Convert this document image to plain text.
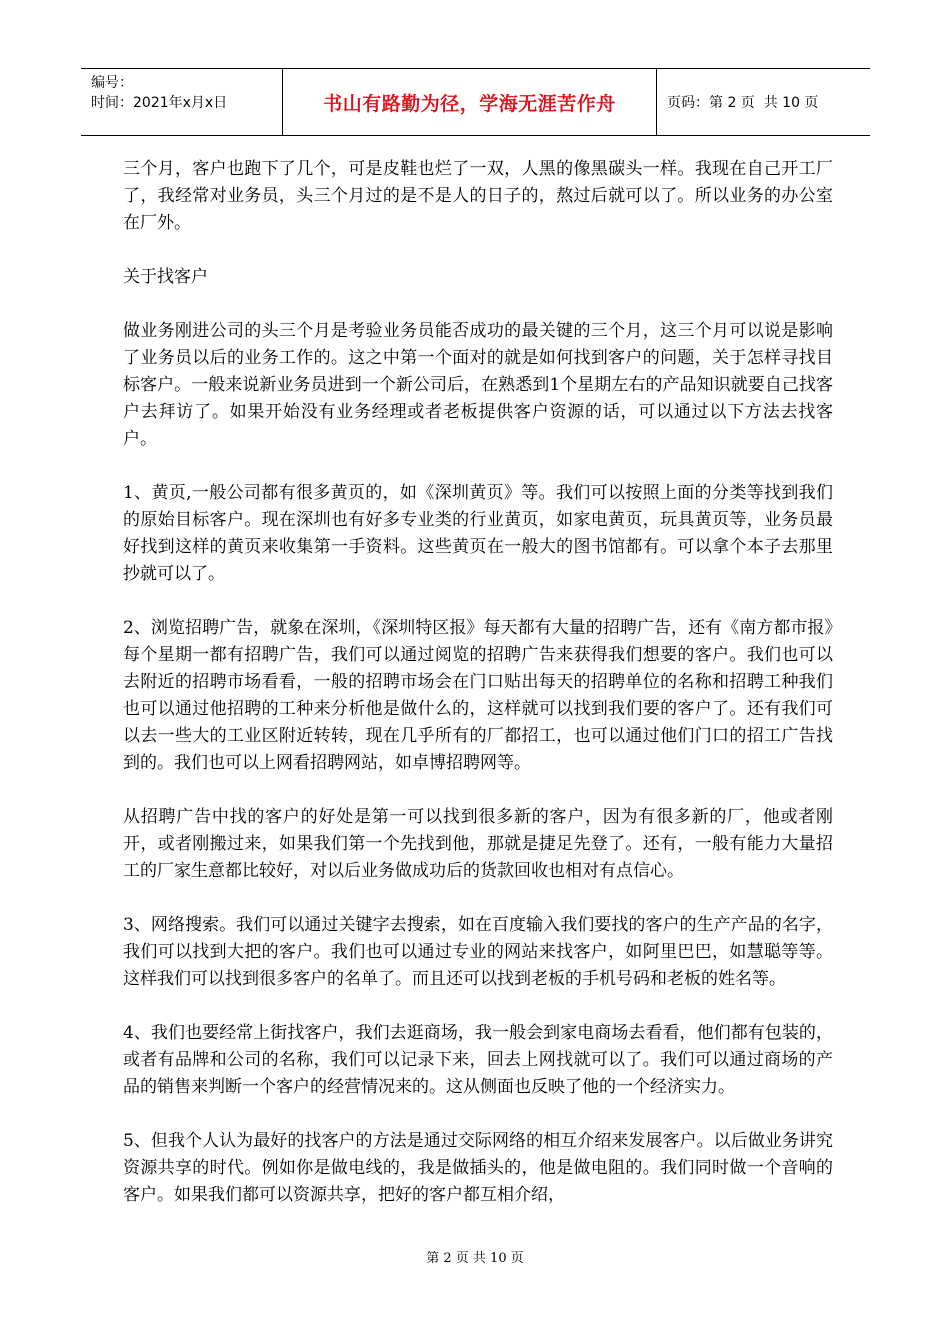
编号：
时间：2021年x月x日	书山有路勤为径，学海无涯苦作舟	页码：第 2 页  共 10 页

三个月，客户也跑下了几个，可是皮鞋也烂了一双，人黑的像黑碳头一样。我现在自己开工厂了，我经常对业务员，头三个月过的是不是人的日子的，熬过后就可以了。所以业务的办公室在厂外。

关于找客户

做业务刚进公司的头三个月是考验业务员能否成功的最关键的三个月，这三个月可以说是影响了业务员以后的业务工作的。这之中第一个面对的就是如何找到客户的问题，关于怎样寻找目标客户。一般来说新业务员进到一个新公司后，在熟悉到1个星期左右的产品知识就要自己找客户去拜访了。如果开始没有业务经理或者老板提供客户资源的话，可以通过以下方法去找客户。

1、黄页,一般公司都有很多黄页的，如《深圳黄页》等。我们可以按照上面的分类等找到我们的原始目标客户。现在深圳也有好多专业类的行业黄页，如家电黄页，玩具黄页等，业务员最好找到这样的黄页来收集第一手资料。这些黄页在一般大的图书馆都有。可以拿个本子去那里抄就可以了。

2、浏览招聘广告，就象在深圳，《深圳特区报》每天都有大量的招聘广告，还有《南方都市报》每个星期一都有招聘广告，我们可以通过阅览的招聘广告来获得我们想要的客户。我们也可以去附近的招聘市场看看，一般的招聘市场会在门口贴出每天的招聘单位的名称和招聘工种我们也可以通过他招聘的工种来分析他是做什么的，这样就可以找到我们要的客户了。还有我们可以去一些大的工业区附近转转，现在几乎所有的厂都招工，也可以通过他们门口的招工广告找到的。我们也可以上网看招聘网站，如卓博招聘网等。

从招聘广告中找的客户的好处是第一可以找到很多新的客户，因为有很多新的厂，他或者刚开，或者刚搬过来，如果我们第一个先找到他，那就是捷足先登了。还有，一般有能力大量招工的厂家生意都比较好，对以后业务做成功后的货款回收也相对有点信心。

3、网络搜索。我们可以通过关键字去搜索，如在百度输入我们要找的客户的生产产品的名字，我们可以找到大把的客户。我们也可以通过专业的网站来找客户，如阿里巴巴，如慧聪等等。这样我们可以找到很多客户的名单了。而且还可以找到老板的手机号码和老板的姓名等。

4、我们也要经常上街找客户，我们去逛商场，我一般会到家电商场去看看，他们都有包装的，或者有品牌和公司的名称，我们可以记录下来，回去上网找就可以了。我们可以通过商场的产品的销售来判断一个客户的经营情况来的。这从侧面也反映了他的一个经济实力。

5、但我个人认为最好的找客户的方法是通过交际网络的相互介绍来发展客户。以后做业务讲究资源共享的时代。例如你是做电线的，我是做插头的，他是做电阻的。我们同时做一个音响的客户。如果我们都可以资源共享，把好的客户都互相介绍，

第 2 页 共 10 页
